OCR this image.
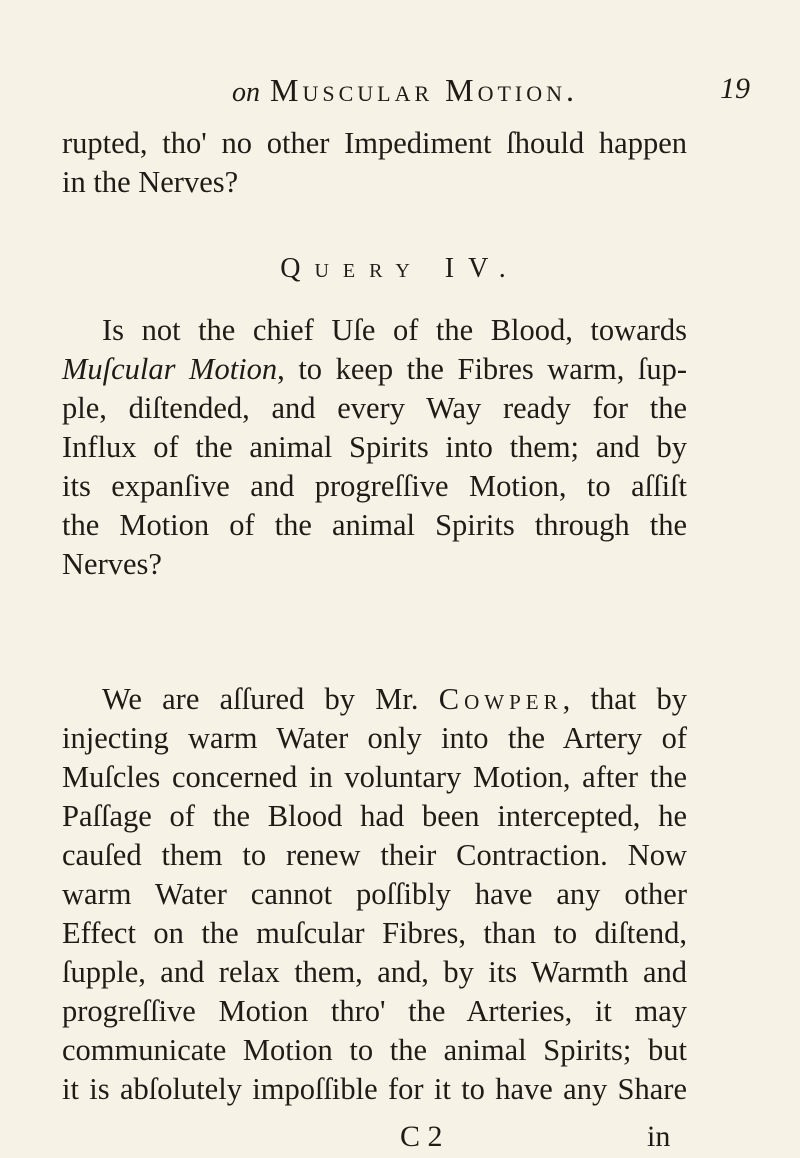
on Muscular Motion.	19
rupted, tho' no other Impediment ſhould happen
in the Nerves?
Query IV.
Is not the chief Uſe of the Blood, towards
Muſcular Motion, to keep the Fibres warm, ſup-
ple, diſtended, and every Way ready for the
Influx of the animal Spirits into them; and by
its expanſive and progreſſive Motion, to aſſiſt
the Motion of the animal Spirits through the
Nerves?
We are aſſured by Mr. Cowper, that by
injecting warm Water only into the Artery of
Muſcles concerned in voluntary Motion, after the
Paſſage of the Blood had been intercepted, he
cauſed them to renew their Contraction. Now
warm Water cannot poſſibly have any other
Effect on the muſcular Fibres, than to diſtend,
ſupple, and relax them, and, by its Warmth and
progreſſive Motion thro' the Arteries, it may
communicate Motion to the animal Spirits; but
it is abſolutely impoſſible for it to have any Share
C 2	in
